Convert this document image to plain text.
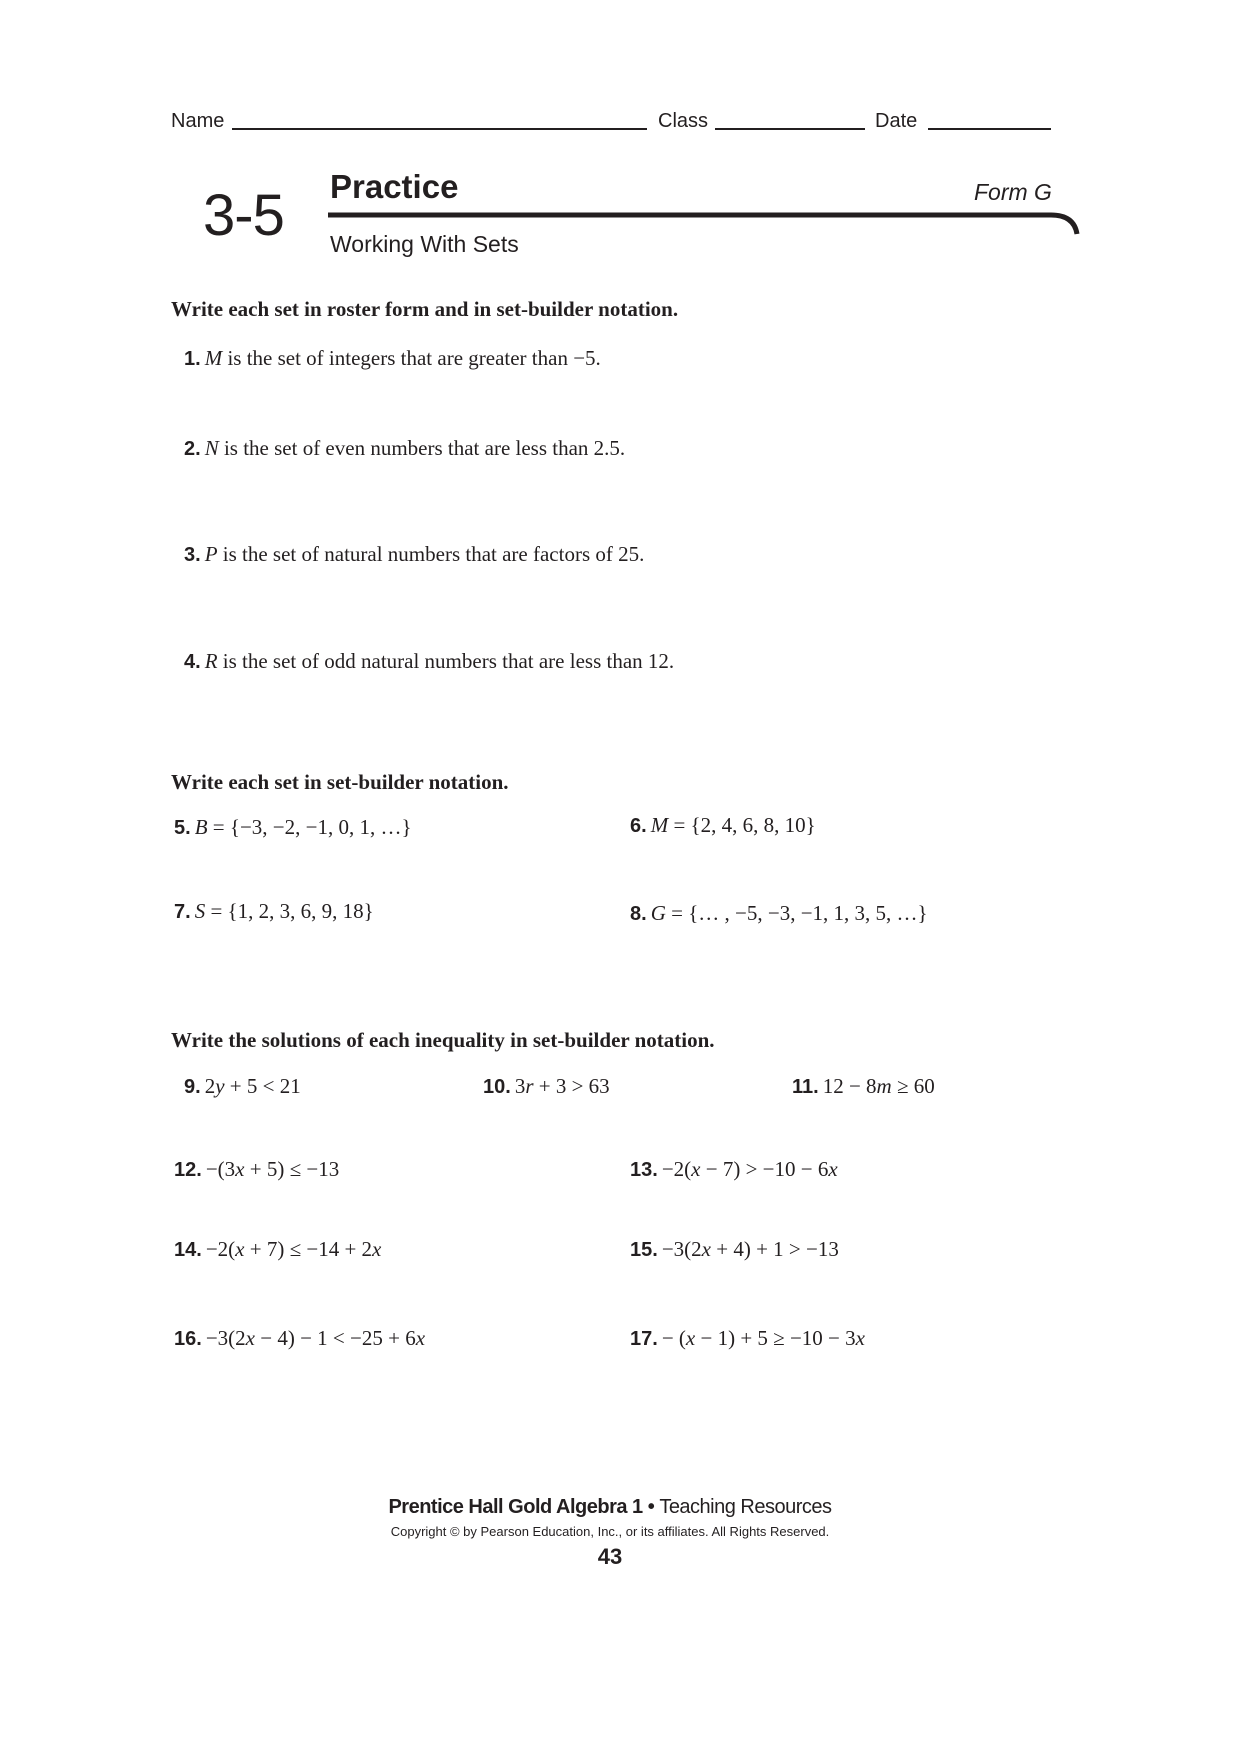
Name	Class	Date
3-5 Practice	Form G
Working With Sets
Write each set in roster form and in set-builder notation.
1. M is the set of integers that are greater than −5.
2. N is the set of even numbers that are less than 2.5.
3. P is the set of natural numbers that are factors of 25.
4. R is the set of odd natural numbers that are less than 12.
Write each set in set-builder notation.
5. B = {−3, −2, −1, 0, 1, …}	6. M = {2, 4, 6, 8, 10}
7. S = {1, 2, 3, 6, 9, 18}	8. G = {… , −5, −3, −1, 1, 3, 5, …}
Write the solutions of each inequality in set-builder notation.
9. 2y + 5 < 21	10. 3r + 3 > 63	11. 12 − 8m ≥ 60
12. −(3x + 5) ≤ −13	13. −2(x − 7) > −10 − 6x
14. −2(x + 7) ≤ −14 + 2x	15. −3(2x + 4) + 1 > −13
16. −3(2x − 4) − 1 < −25 + 6x	17. − (x − 1) + 5 ≥ −10 − 3x
Prentice Hall Gold Algebra 1 • Teaching Resources
Copyright © by Pearson Education, Inc., or its affiliates. All Rights Reserved.
43
